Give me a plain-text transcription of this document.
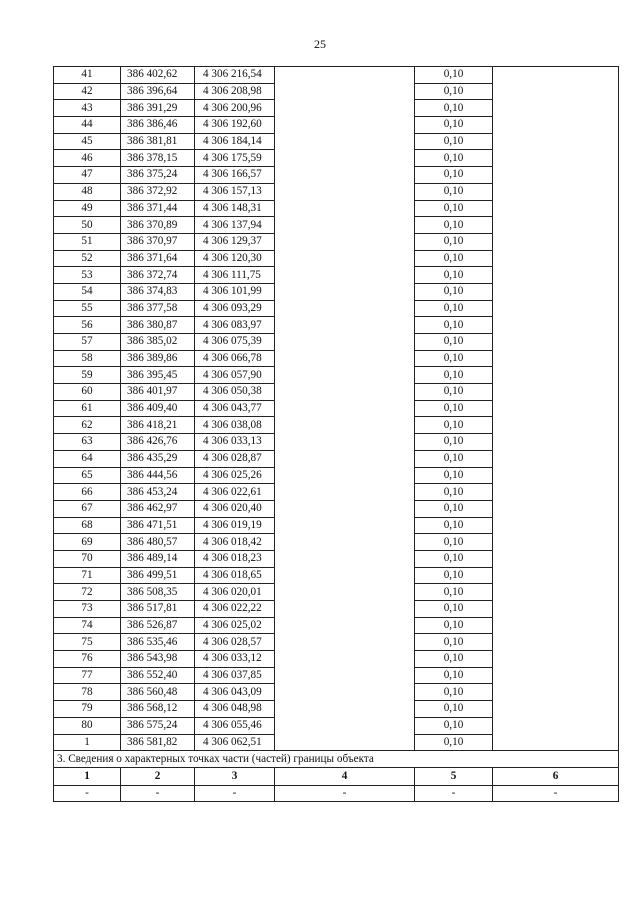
25
41	386 402,62	4 306 216,54		0,10	
42	386 396,64	4 306 208,98		0,10	
43	386 391,29	4 306 200,96		0,10	
44	386 386,46	4 306 192,60		0,10	
45	386 381,81	4 306 184,14		0,10	
46	386 378,15	4 306 175,59		0,10	
47	386 375,24	4 306 166,57		0,10	
48	386 372,92	4 306 157,13		0,10	
49	386 371,44	4 306 148,31		0,10	
50	386 370,89	4 306 137,94		0,10	
51	386 370,97	4 306 129,37		0,10	
52	386 371,64	4 306 120,30		0,10	
53	386 372,74	4 306 111,75		0,10	
54	386 374,83	4 306 101,99		0,10	
55	386 377,58	4 306 093,29		0,10	
56	386 380,87	4 306 083,97		0,10	
57	386 385,02	4 306 075,39		0,10	
58	386 389,86	4 306 066,78		0,10	
59	386 395,45	4 306 057,90		0,10	
60	386 401,97	4 306 050,38		0,10	
61	386 409,40	4 306 043,77		0,10	
62	386 418,21	4 306 038,08		0,10	
63	386 426,76	4 306 033,13		0,10	
64	386 435,29	4 306 028,87		0,10	
65	386 444,56	4 306 025,26		0,10	
66	386 453,24	4 306 022,61		0,10	
67	386 462,97	4 306 020,40		0,10	
68	386 471,51	4 306 019,19		0,10	
69	386 480,57	4 306 018,42		0,10	
70	386 489,14	4 306 018,23		0,10	
71	386 499,51	4 306 018,65		0,10	
72	386 508,35	4 306 020,01		0,10	
73	386 517,81	4 306 022,22		0,10	
74	386 526,87	4 306 025,02		0,10	
75	386 535,46	4 306 028,57		0,10	
76	386 543,98	4 306 033,12		0,10	
77	386 552,40	4 306 037,85		0,10	
78	386 560,48	4 306 043,09		0,10	
79	386 568,12	4 306 048,98		0,10	
80	386 575,24	4 306 055,46		0,10	
1	386 581,82	4 306 062,51		0,10	
3. Сведения о характерных точках части (частей) границы объекта					
1	2	3	4	5	6
-	-	-	-	-	-
